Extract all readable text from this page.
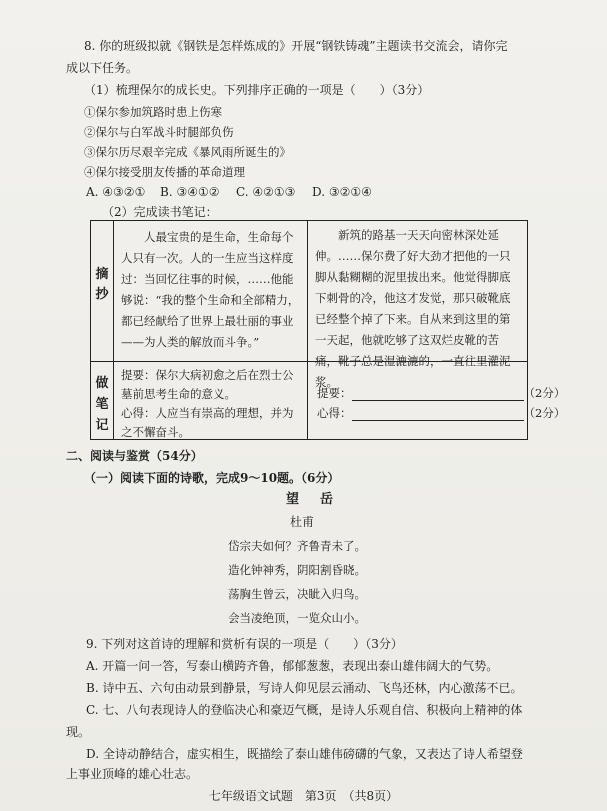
8. 你的班级拟就《钢铁是怎样炼成的》开展“钢铁铸魂”主题读书交流会，请你完
成以下任务。
（1）梳理保尔的成长史。下列排序正确的一项是（　　）（3分）
①保尔参加筑路时患上伤寒
②保尔与白军战斗时腿部负伤
③保尔历尽艰辛完成《暴风雨所诞生的》
④保尔接受朋友传播的革命道理
A. ④③②① B. ③④①② C. ④②①③ D. ③②①④
（2）完成读书笔记：
摘抄
做笔记
人最宝贵的是生命，生命每个人只有一次。人的一生应当这样度过：当回忆往事的时候，……他能够说：“我的整个生命和全部精力，都已经献给了世界上最壮丽的事业——为人类的解放而斗争。”
新筑的路基一天天向密林深处延伸。……保尔费了好大劲才把他的一只脚从黏糊糊的泥里拔出来。他觉得脚底下刺骨的冷，他这才发觉，那只破靴底已经整个掉了下来。自从来到这里的第一天起，他就吃够了这双烂皮靴的苦痛，靴子总是湿漉漉的，一直往里灌泥浆。
提要：保尔大病初愈之后在烈士公
墓前思考生命的意义。
心得：人应当有崇高的理想，并为
之不懈奋斗。
提要：	（2分）
心得：	（2分）
二、阅读与鉴赏（54分）
（一）阅读下面的诗歌，完成9～10题。（6分）
望　岳
杜甫
岱宗夫如何？齐鲁青未了。
造化钟神秀，阴阳割昏晓。
荡胸生曾云，决眦入归鸟。
会当凌绝顶，一览众山小。
9. 下列对这首诗的理解和赏析有误的一项是（　　）（3分）
A. 开篇一问一答，写泰山横跨齐鲁，郁郁葱葱，表现出泰山雄伟阔大的气势。
B. 诗中五、六句由动景到静景，写诗人仰见层云涌动、飞鸟还林，内心激荡不已。
C. 七、八句表现诗人的登临决心和豪迈气概，是诗人乐观自信、积极向上精神的体
现。
D. 全诗动静结合，虚实相生，既描绘了泰山雄伟磅礴的气象，又表达了诗人希望登
上事业顶峰的雄心壮志。
七年级语文试题　第3页　（共8页）
